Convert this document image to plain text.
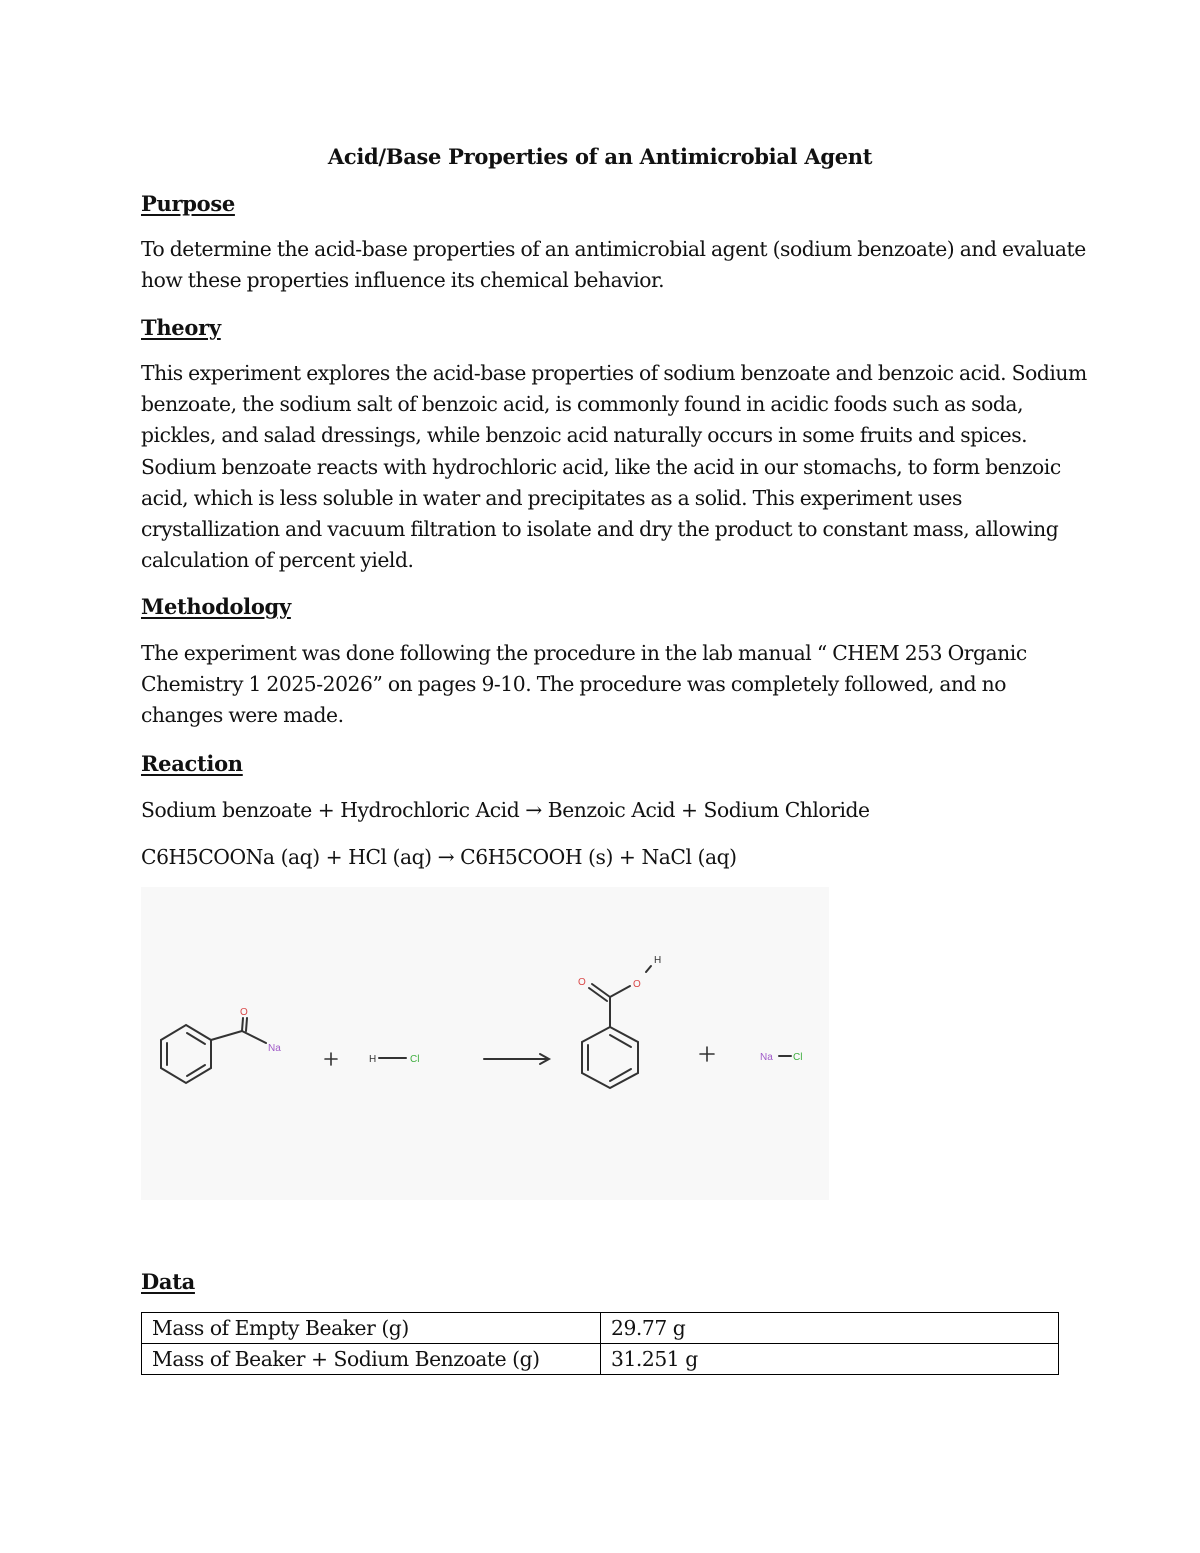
Acid/Base Properties of an Antimicrobial Agent
Purpose
To determine the acid-base properties of an antimicrobial agent (sodium benzoate) and evaluate
how these properties influence its chemical behavior.
Theory
This experiment explores the acid-base properties of sodium benzoate and benzoic acid. Sodium
benzoate, the sodium salt of benzoic acid, is commonly found in acidic foods such as soda,
pickles, and salad dressings, while benzoic acid naturally occurs in some fruits and spices.
Sodium benzoate reacts with hydrochloric acid, like the acid in our stomachs, to form benzoic
acid, which is less soluble in water and precipitates as a solid. This experiment uses
crystallization and vacuum filtration to isolate and dry the product to constant mass, allowing
calculation of percent yield.
Methodology
The experiment was done following the procedure in the lab manual “ CHEM 253 Organic
Chemistry 1 2025-2026” on pages 9-10. The procedure was completely followed, and no
changes were made.
Reaction
Sodium benzoate + Hydrochloric Acid → Benzoic Acid + Sodium Chloride
C6H5COONa (aq) + HCl (aq) → C6H5COOH (s) + NaCl (aq)
O
Na
H	Cl
O	O
H
Na Cl
Data
Mass of Empty Beaker (g)	29.77 g
Mass of Beaker + Sodium Benzoate (g)	31.251 g
